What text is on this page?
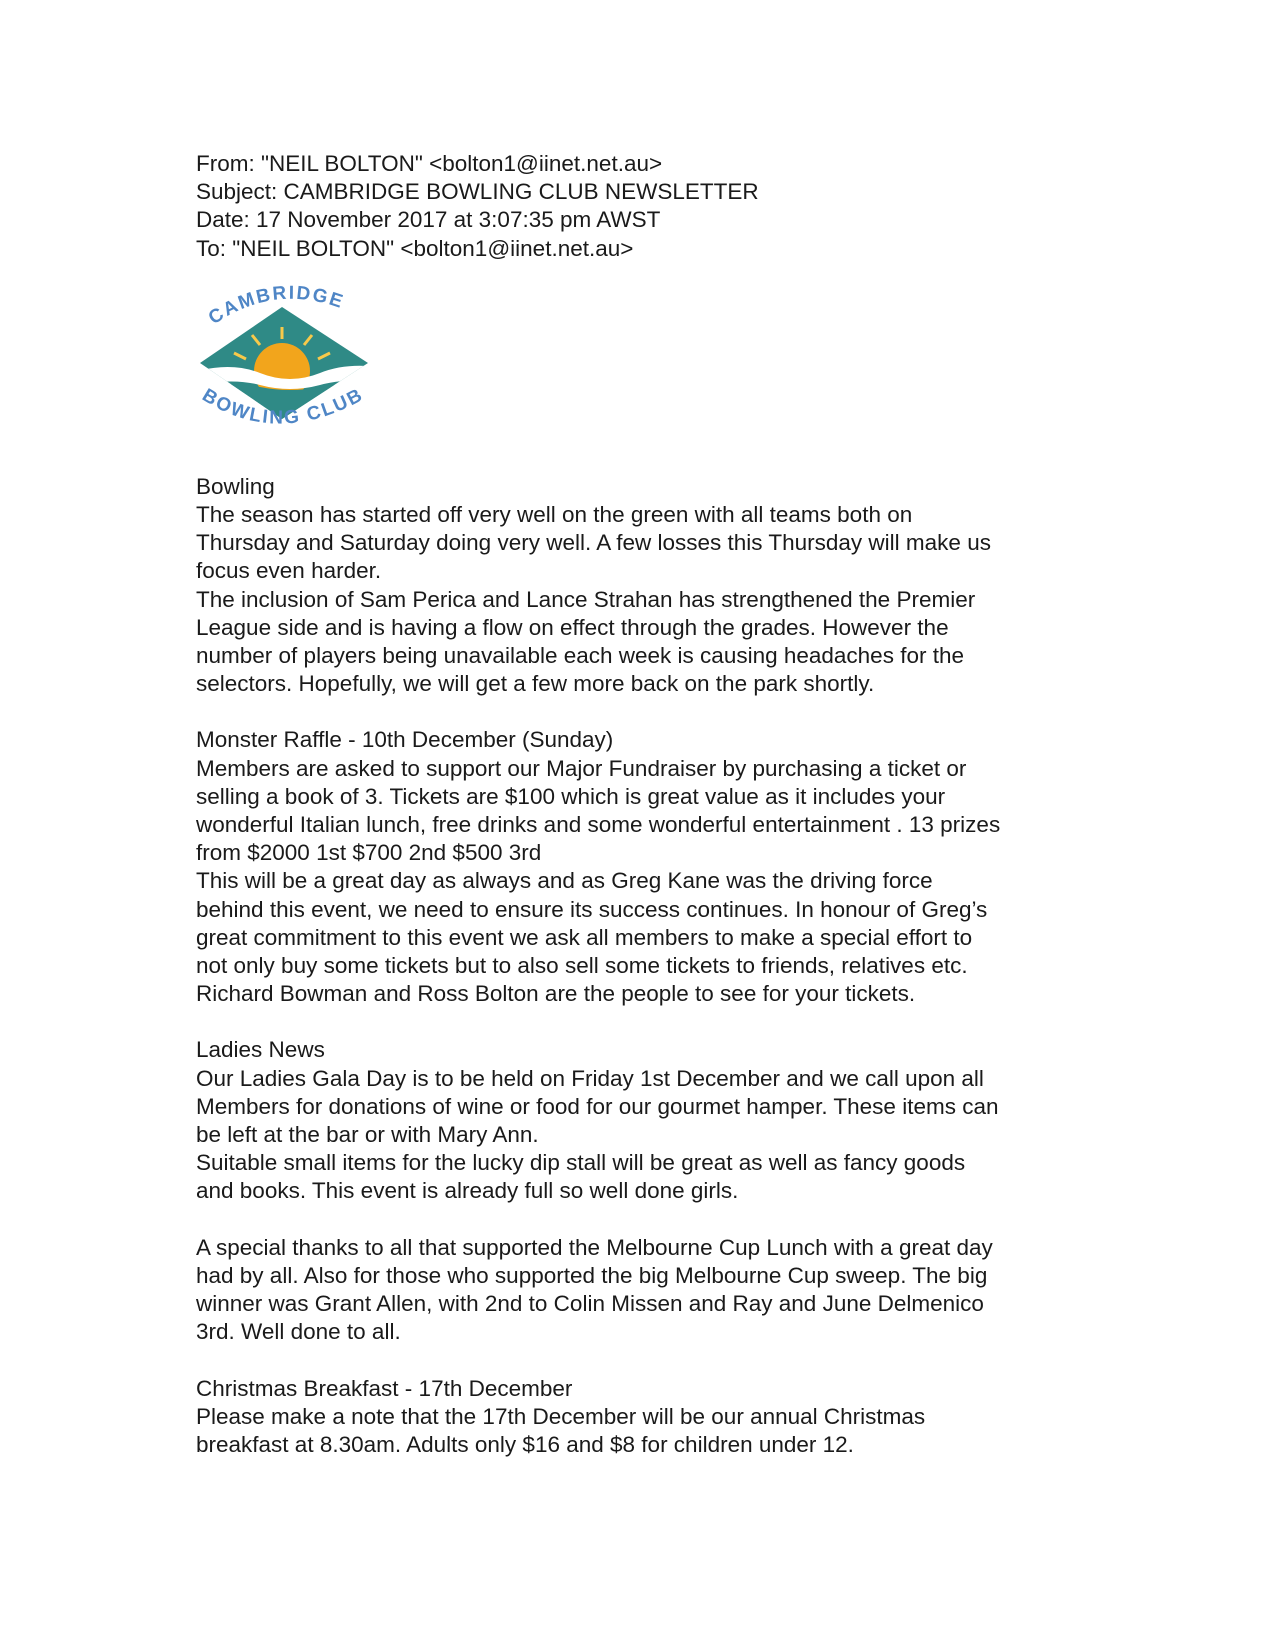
From: "NEIL BOLTON" <bolton1@iinet.net.au>
Subject: CAMBRIDGE BOWLING CLUB NEWSLETTER
Date: 17 November 2017 at 3:07:35 pm AWST
To: "NEIL BOLTON" <bolton1@iinet.net.au>
CAMBRIDGE
BOWLING CLUB
Bowling
The season has started off very well on the green with all teams both on
Thursday and Saturday doing very well. A few losses this Thursday will make us
focus even harder.
The inclusion of Sam Perica and Lance Strahan has strengthened the Premier
League side and is having a flow on effect through the grades. However the
number of players being unavailable each week is causing headaches for the
selectors. Hopefully, we will get a few more back on the park shortly.
Monster Raffle - 10th December (Sunday)
Members are asked to support our Major Fundraiser by purchasing a ticket or
selling a book of 3. Tickets are $100 which is great value as it includes your
wonderful Italian lunch, free drinks and some wonderful entertainment . 13 prizes
from $2000 1st $700 2nd $500 3rd
This will be a great day as always and as Greg Kane was the driving force
behind this event, we need to ensure its success continues. In honour of Greg’s
great commitment to this event we ask all members to make a special effort to
not only buy some tickets but to also sell some tickets to friends, relatives etc.
Richard Bowman and Ross Bolton are the people to see for your tickets.
Ladies News
Our Ladies Gala Day is to be held on Friday 1st December and we call upon all
Members for donations of wine or food for our gourmet hamper. These items can
be left at the bar or with Mary Ann.
Suitable small items for the lucky dip stall will be great as well as fancy goods
and books. This event is already full so well done girls.
A special thanks to all that supported the Melbourne Cup Lunch with a great day
had by all. Also for those who supported the big Melbourne Cup sweep. The big
winner was Grant Allen, with 2nd to Colin Missen and Ray and June Delmenico
3rd. Well done to all.
Christmas Breakfast - 17th December
Please make a note that the 17th December will be our annual Christmas
breakfast at 8.30am. Adults only $16 and $8 for children under 12.
